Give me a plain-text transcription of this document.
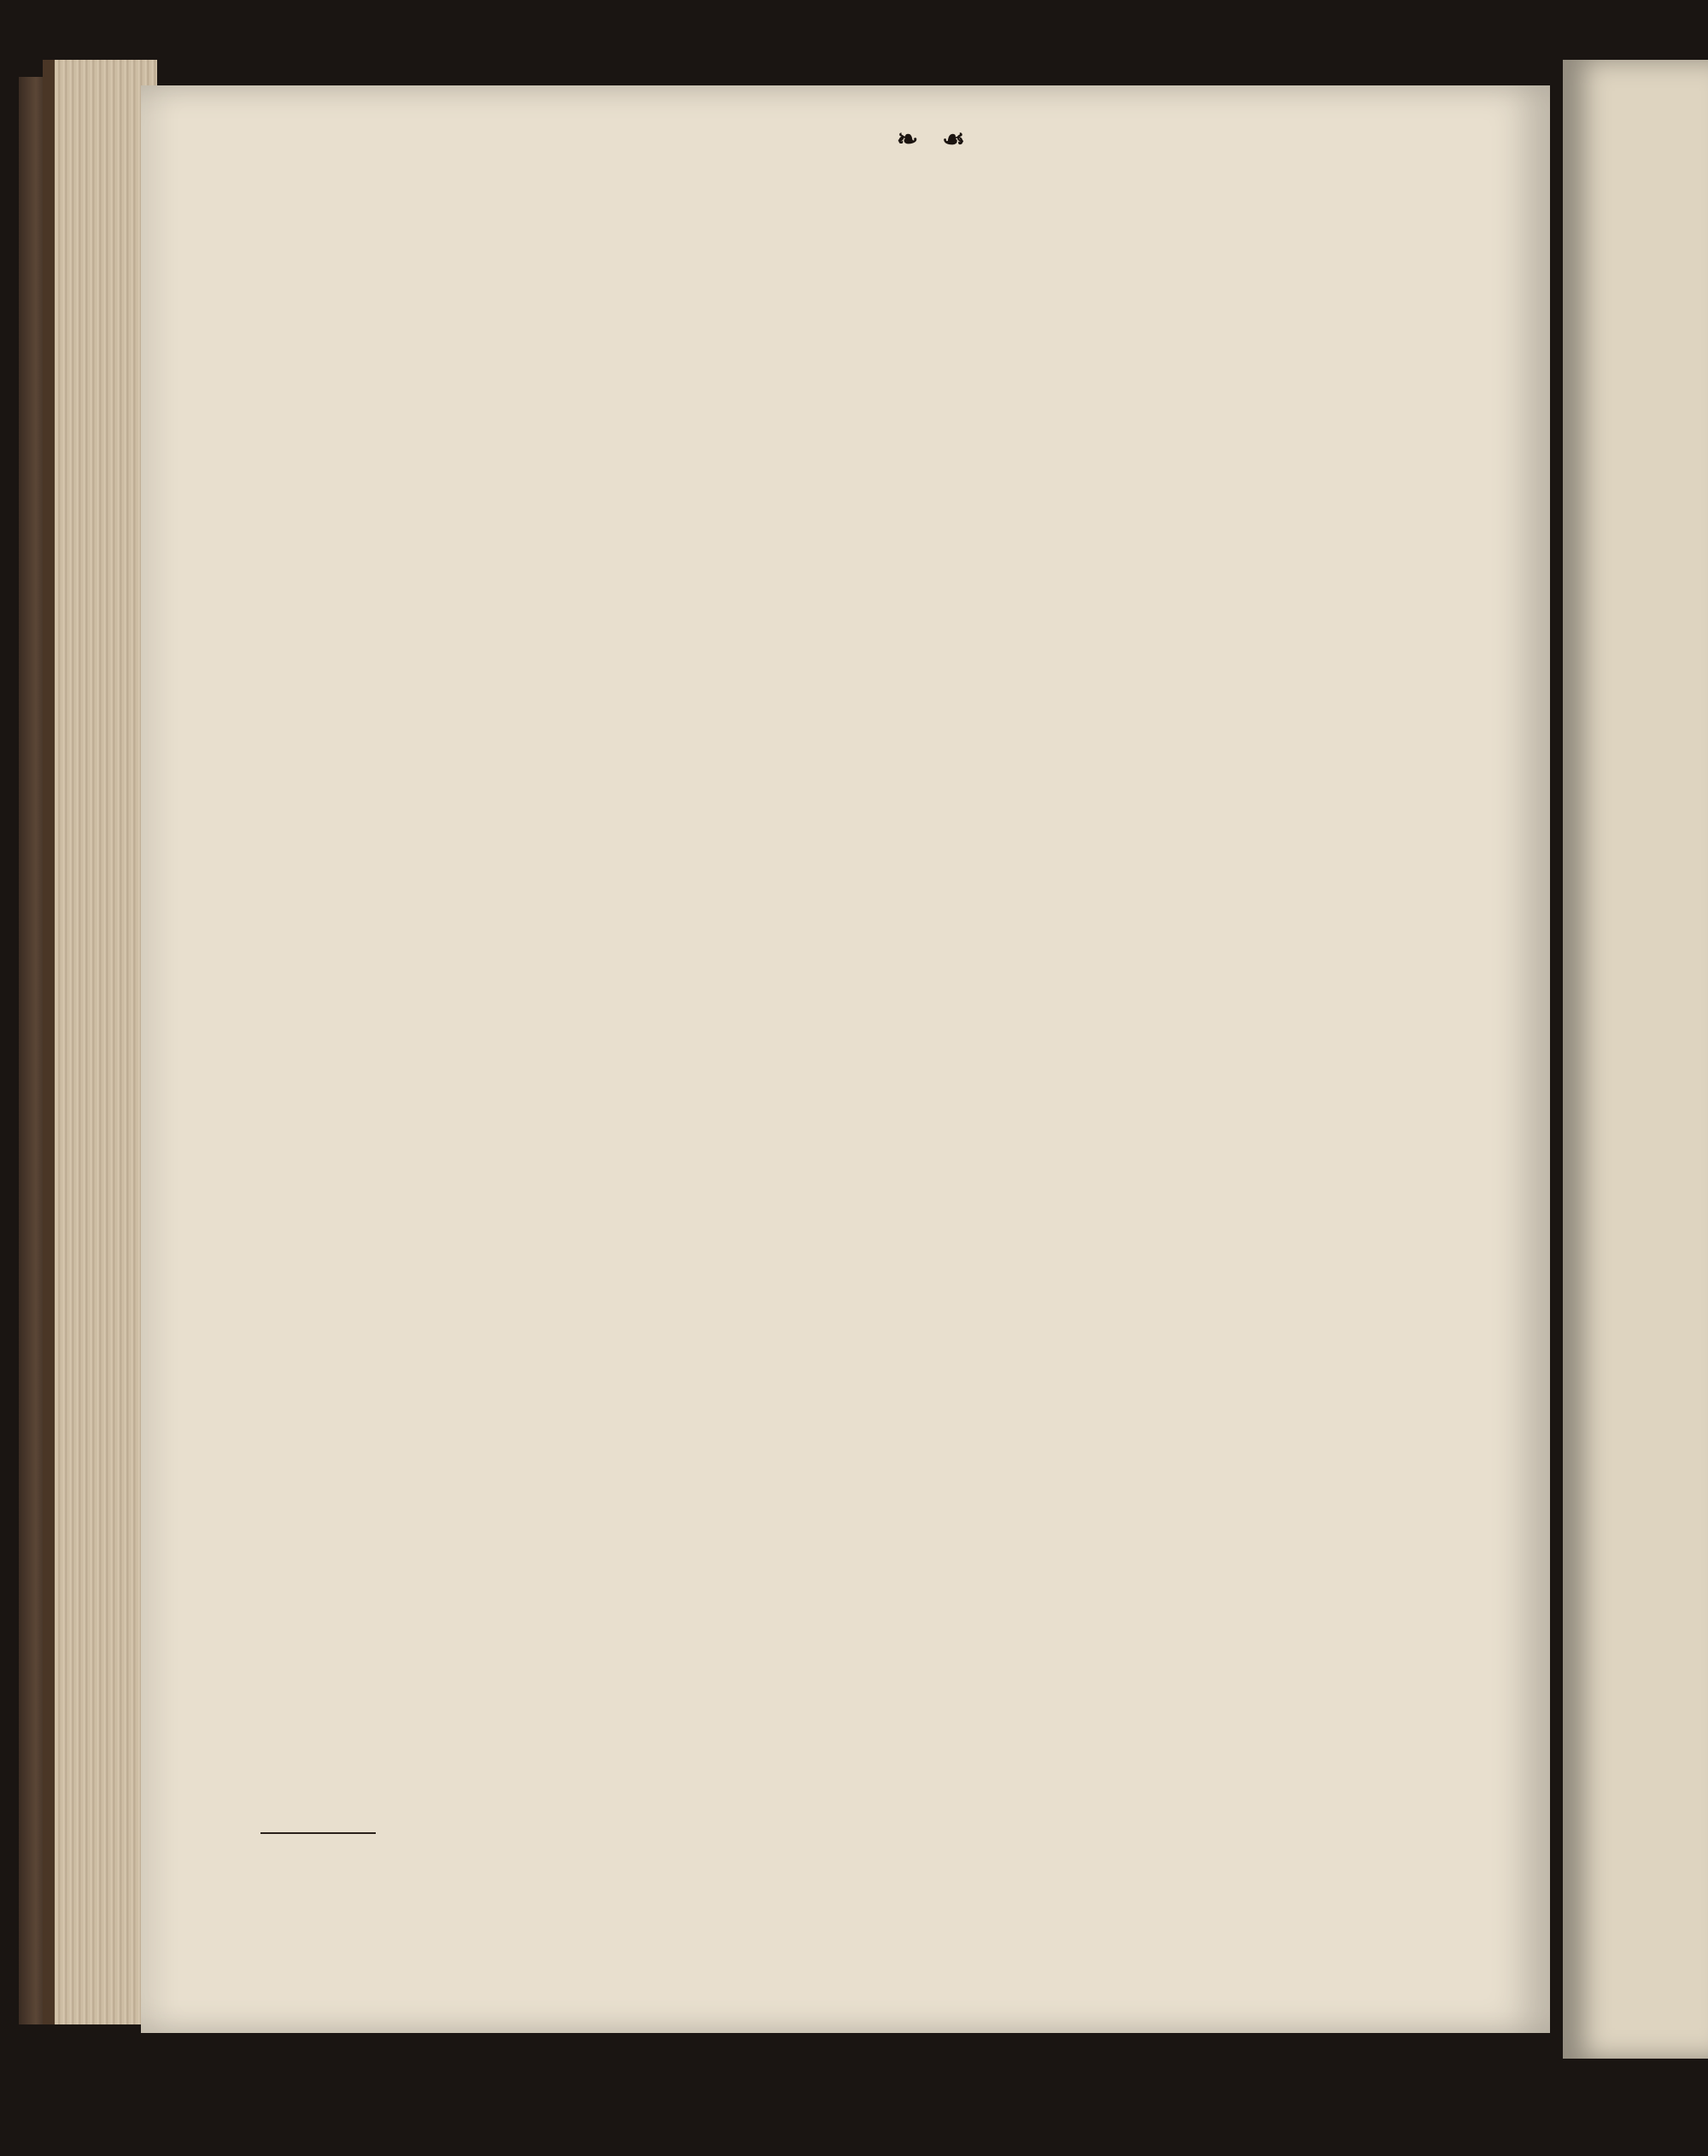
❧ ☙
